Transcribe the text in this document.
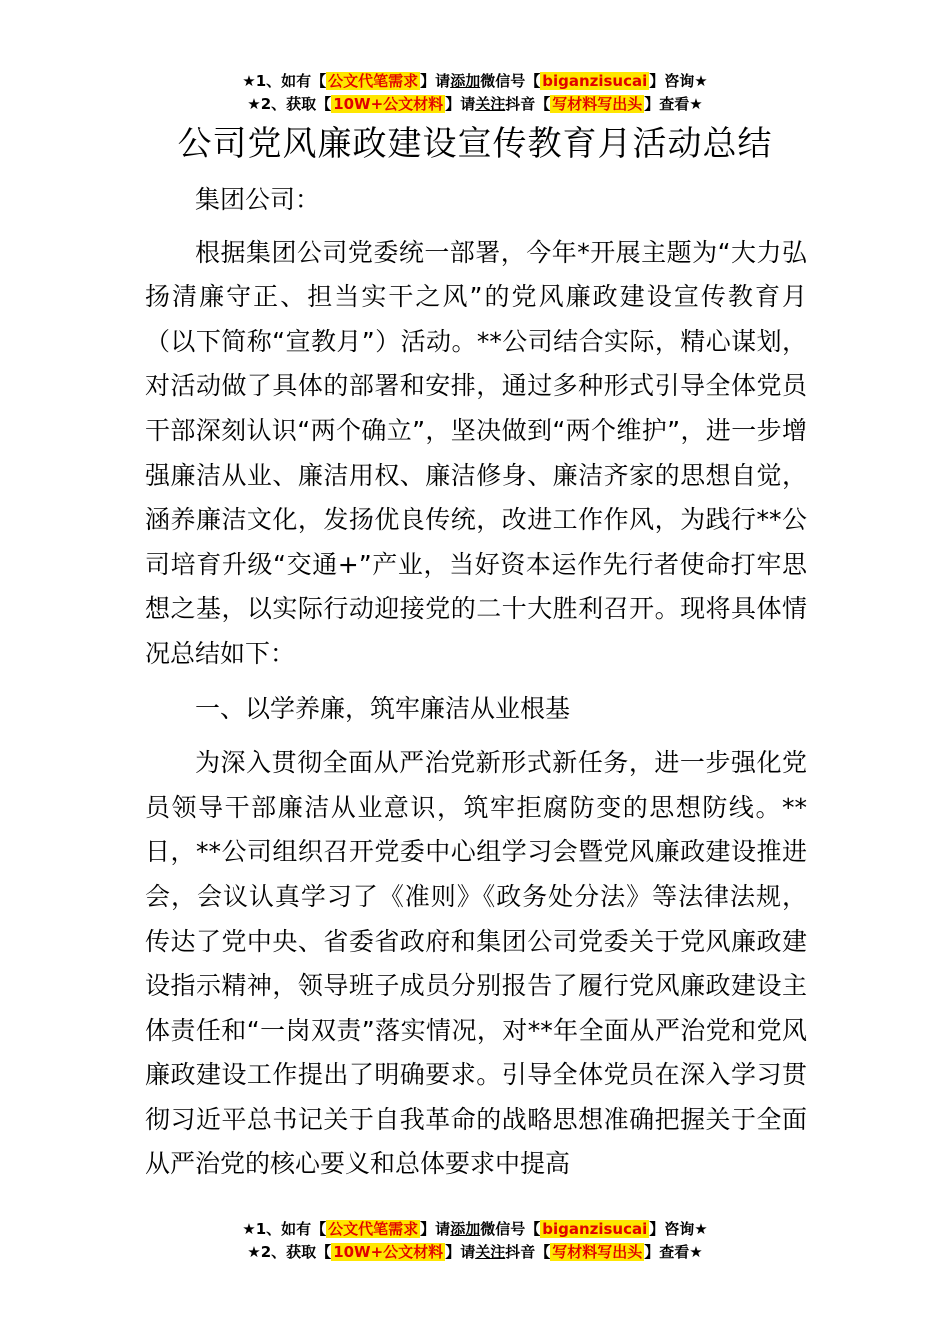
★1、如有【 公文代笔需求 】请添加微信号【 biganzisucai 】咨询★
★2、获取【 10W+公文材料 】请关注抖音【 写材料写出头 】查看★
公司党风廉政建设宣传教育月活动总结

集团公司：

根据集团公司党委统一部署，今年*开展主题为“大力弘扬清廉守正、担当实干之风”的党风廉政建设宣传教育月（以下简称“宣教月”）活动。**公司结合实际，精心谋划，对活动做了具体的部署和安排，通过多种形式引导全体党员干部深刻认识“两个确立”，坚决做到“两个维护”，进一步增强廉洁从业、廉洁用权、廉洁修身、廉洁齐家的思想自觉，涵养廉洁文化，发扬优良传统，改进工作作风，为践行**公司培育升级“交通+”产业，当好资本运作先行者使命打牢思想之基，以实际行动迎接党的二十大胜利召开。现将具体情况总结如下：

一、以学养廉，筑牢廉洁从业根基

为深入贯彻全面从严治党新形式新任务，进一步强化党员领导干部廉洁从业意识，筑牢拒腐防变的思想防线。**日，**公司组织召开党委中心组学习会暨党风廉政建设推进会，会议认真学习了《准则》《政务处分法》等法律法规，传达了党中央、省委省政府和集团公司党委关于党风廉政建设指示精神，领导班子成员分别报告了履行党风廉政建设主体责任和“一岗双责”落实情况，对**年全面从严治党和党风廉政建设工作提出了明确要求。引导全体党员在深入学习贯彻习近平总书记关于自我革命的战略思想准确把握关于全面从严治党的核心要义和总体要求中提高

★1、如有【 公文代笔需求 】请添加微信号【 biganzisucai 】咨询★
★2、获取【 10W+公文材料 】请关注抖音【 写材料写出头 】查看★
